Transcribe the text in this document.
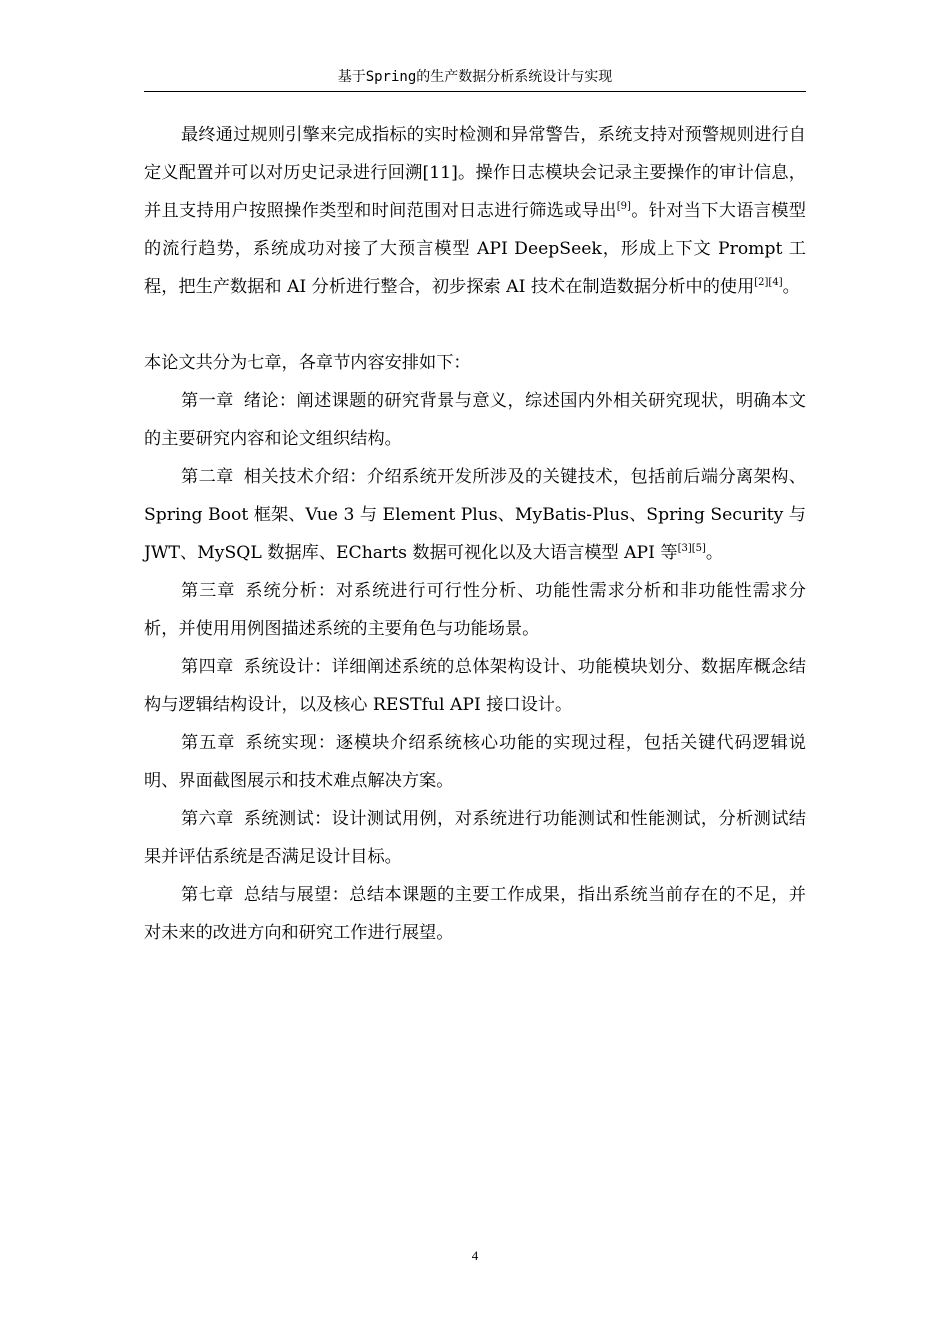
基于Spring的生产数据分析系统设计与实现

最终通过规则引擎来完成指标的实时检测和异常警告，系统支持对预警规则进行自定义配置并可以对历史记录进行回溯[11]。操作日志模块会记录主要操作的审计信息，并且支持用户按照操作类型和时间范围对日志进行筛选或导出[9]。针对当下大语言模型的流行趋势，系统成功对接了大预言模型 API DeepSeek，形成上下文 Prompt 工程，把生产数据和 AI 分析进行整合，初步探索 AI 技术在制造数据分析中的使用[2][4]。

本论文共分为七章，各章节内容安排如下：

第一章 绪论：阐述课题的研究背景与意义，综述国内外相关研究现状，明确本文的主要研究内容和论文组织结构。

第二章 相关技术介绍：介绍系统开发所涉及的关键技术，包括前后端分离架构、Spring Boot 框架、Vue 3 与 Element Plus、MyBatis-Plus、Spring Security 与 JWT、MySQL 数据库、ECharts 数据可视化以及大语言模型 API 等[3][5]。

第三章 系统分析：对系统进行可行性分析、功能性需求分析和非功能性需求分析，并使用用例图描述系统的主要角色与功能场景。

第四章 系统设计：详细阐述系统的总体架构设计、功能模块划分、数据库概念结构与逻辑结构设计，以及核心 RESTful API 接口设计。

第五章 系统实现：逐模块介绍系统核心功能的实现过程，包括关键代码逻辑说明、界面截图展示和技术难点解决方案。

第六章 系统测试：设计测试用例，对系统进行功能测试和性能测试，分析测试结果并评估系统是否满足设计目标。

第七章 总结与展望：总结本课题的主要工作成果，指出系统当前存在的不足，并对未来的改进方向和研究工作进行展望。

4
